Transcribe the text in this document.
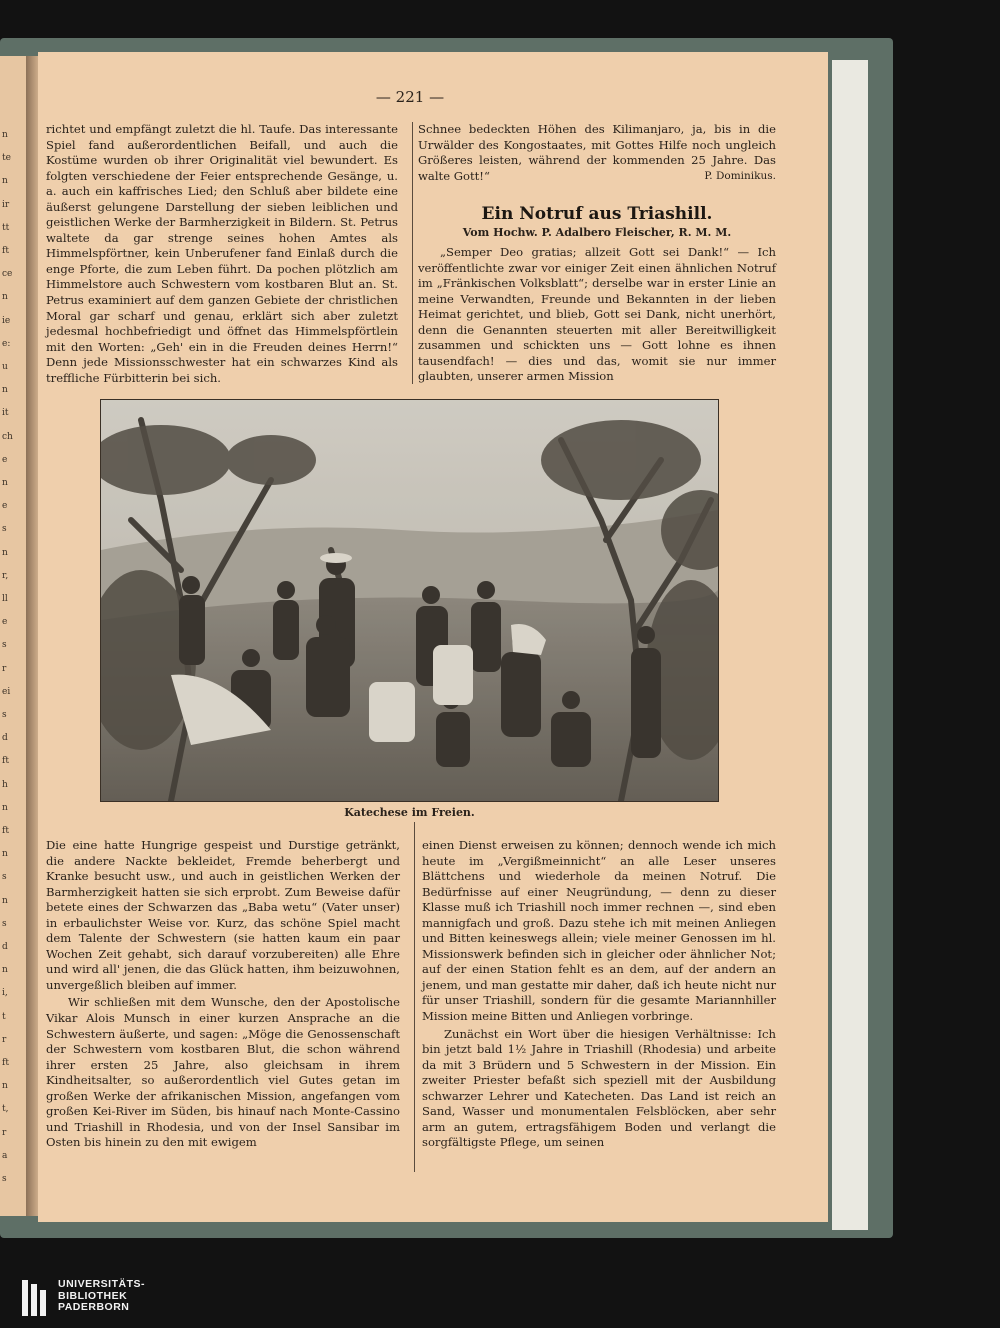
n
te
n
ir
tt
ft
ce
n
ie
e:
u
n
it
ch
e
n
e
s
n
r,
ll
e
s
r
ei
s
d
ft
h
n
ft
n
s
n
s
d
n
i,
t
r
ft
n
t,
r
a
s
— 221 —

richtet und empfängt zuletzt die hl. Taufe. Das interessante Spiel fand außerordentlichen Beifall, und auch die Kostüme wurden ob ihrer Originalität viel bewundert. Es folgten verschiedene der Feier entsprechende Gesänge, u. a. auch ein kaffrisches Lied; den Schluß aber bildete eine äußerst gelungene Darstellung der sieben leiblichen und geistlichen Werke der Barmherzigkeit in Bildern. St. Petrus waltete da gar strenge seines hohen Amtes als Himmelspförtner, kein Unberufener fand Einlaß durch die enge Pforte, die zum Leben führt. Da pochen plötzlich am Himmelstore auch Schwestern vom kostbaren Blut an. St. Petrus examiniert auf dem ganzen Gebiete der christlichen Moral gar scharf und genau, erklärt sich aber zuletzt jedesmal hochbefriedigt und öffnet das Himmelspförtlein mit den Worten: „Geh' ein in die Freuden deines Herrn!“ Denn jede Missionsschwester hat ein schwarzes Kind als treffliche Fürbitterin bei sich.

Schnee bedeckten Höhen des Kilimanjaro, ja, bis in die Urwälder des Kongostaates, mit Gottes Hilfe noch ungleich Größeres leisten, während der kommenden 25 Jahre. Das walte Gott!“	P. Dominikus.
Ein Notruf aus Triashill.
Vom Hochw. P. Adalbero Fleischer, R. M. M.

„Semper Deo gratias; allzeit Gott sei Dank!“ — Ich veröffentlichte zwar vor einiger Zeit einen ähnlichen Notruf im „Fränkischen Volksblatt“; derselbe war in erster Linie an meine Verwandten, Freunde und Bekannten in der lieben Heimat gerichtet, und blieb, Gott sei Dank, nicht unerhört, denn die Genannten steuerten mit aller Bereitwilligkeit zusammen und schickten uns — Gott lohne es ihnen tausendfach! — dies und das, womit sie nur immer glaubten, unserer armen Mission

Katechese im Freien.

Die eine hatte Hungrige gespeist und Durstige getränkt, die andere Nackte bekleidet, Fremde beherbergt und Kranke besucht usw., und auch in geistlichen Werken der Barmherzigkeit hatten sie sich erprobt. Zum Beweise dafür betete eines der Schwarzen das „Baba wetu“ (Vater unser) in erbaulichster Weise vor. Kurz, das schöne Spiel macht dem Talente der Schwestern (sie hatten kaum ein paar Wochen Zeit gehabt, sich darauf vorzubereiten) alle Ehre und wird all' jenen, die das Glück hatten, ihm beizuwohnen, unvergeßlich bleiben auf immer.

Wir schließen mit dem Wunsche, den der Apostolische Vikar Alois Munsch in einer kurzen Ansprache an die Schwestern äußerte, und sagen: „Möge die Genossenschaft der Schwestern vom kostbaren Blut, die schon während ihrer ersten 25 Jahre, also gleichsam in ihrem Kindheitsalter, so außerordentlich viel Gutes getan im großen Werke der afrikanischen Mission, angefangen vom großen Kei-River im Süden, bis hinauf nach Monte-Cassino und Triashill in Rhodesia, und von der Insel Sansibar im Osten bis hinein zu den mit ewigem

einen Dienst erweisen zu können; dennoch wende ich mich heute im „Vergißmeinnicht“ an alle Leser unseres Blättchens und wiederhole da meinen Notruf. Die Bedürfnisse auf einer Neugründung, — denn zu dieser Klasse muß ich Triashill noch immer rechnen —, sind eben mannigfach und groß. Dazu stehe ich mit meinen Anliegen und Bitten keineswegs allein; viele meiner Genossen im hl. Missionswerk befinden sich in gleicher oder ähnlicher Not; auf der einen Station fehlt es an dem, auf der andern an jenem, und man gestatte mir daher, daß ich heute nicht nur für unser Triashill, sondern für die gesamte Mariannhiller Mission meine Bitten und Anliegen vorbringe.

Zunächst ein Wort über die hiesigen Verhältnisse: Ich bin jetzt bald 1½ Jahre in Triashill (Rhodesia) und arbeite da mit 3 Brüdern und 5 Schwestern in der Mission. Ein zweiter Priester befaßt sich speziell mit der Ausbildung schwarzer Lehrer und Katecheten. Das Land ist reich an Sand, Wasser und monumentalen Felsblöcken, aber sehr arm an gutem, ertragsfähigem Boden und verlangt die sorgfältigste Pflege, um seinen

UNIVERSITÄTS-
BIBLIOTHEK
PADERBORN
